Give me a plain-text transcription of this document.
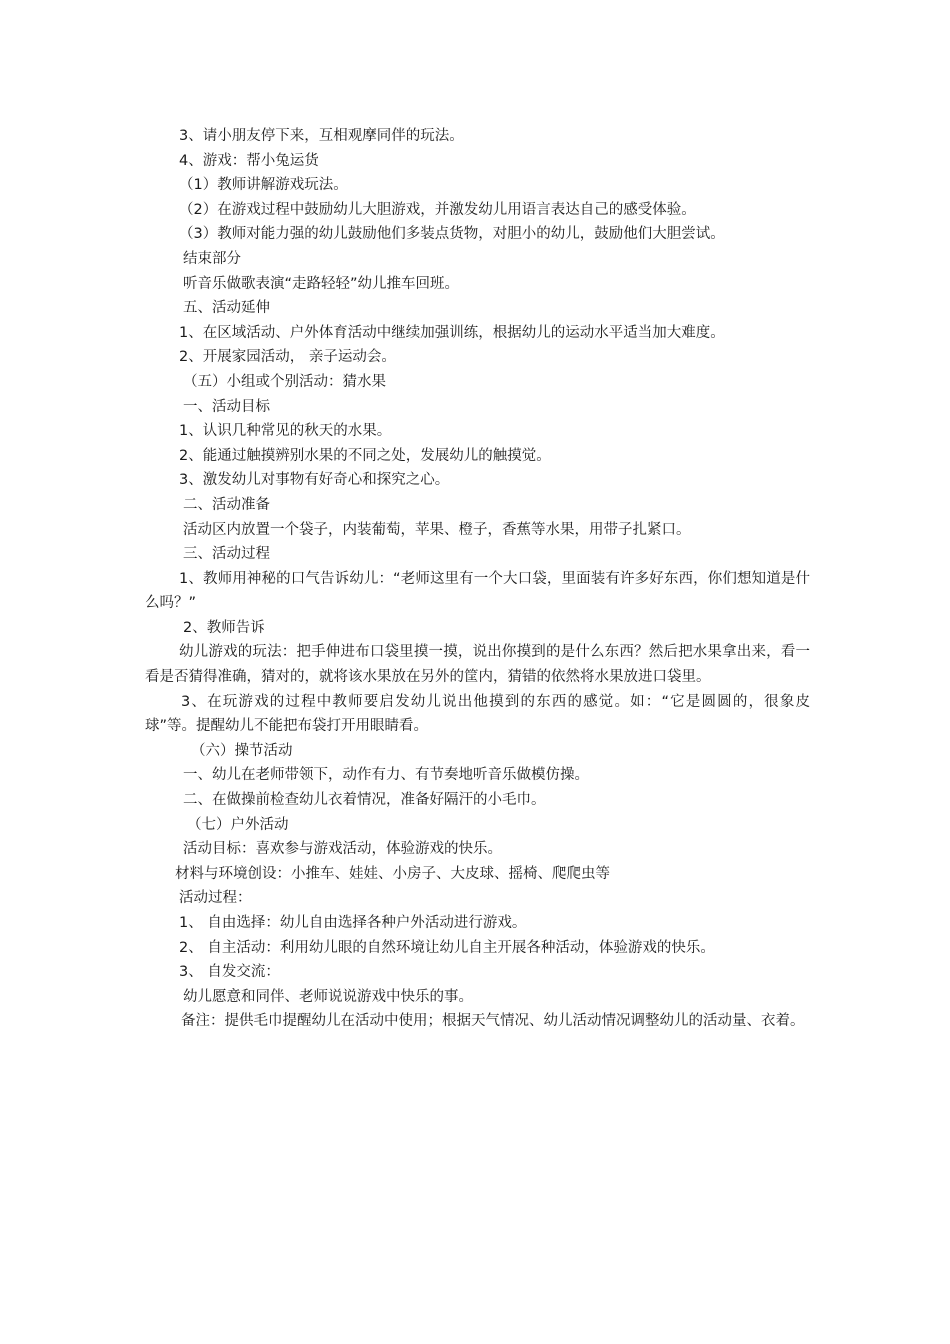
3、请小朋友停下来，互相观摩同伴的玩法。
4、游戏：帮小兔运货
（1）教师讲解游戏玩法。
（2）在游戏过程中鼓励幼儿大胆游戏，并激发幼儿用语言表达自己的感受体验。
（3）教师对能力强的幼儿鼓励他们多装点货物，对胆小的幼儿，鼓励他们大胆尝试。
结束部分
听音乐做歌表演“走路轻轻”幼儿推车回班。
五、活动延伸
1、在区域活动、户外体育活动中继续加强训练，根据幼儿的运动水平适当加大难度。
2、开展家园活动， 亲子运动会。
（五）小组或个别活动：猜水果
一、活动目标
1、认识几种常见的秋天的水果。
2、能通过触摸辨别水果的不同之处，发展幼儿的触摸觉。
3、激发幼儿对事物有好奇心和探究之心。
二、活动准备
活动区内放置一个袋子，内装葡萄，苹果、橙子，香蕉等水果，用带子扎紧口。
三、活动过程
1、教师用神秘的口气告诉幼儿：“老师这里有一个大口袋，里面装有许多好东西，你们想知道是什么吗？”
2、教师告诉
幼儿游戏的玩法：把手伸进布口袋里摸一摸，说出你摸到的是什么东西？然后把水果拿出来，看一看是否猜得准确，猜对的，就将该水果放在另外的筐内，猜错的依然将水果放进口袋里。
3、在玩游戏的过程中教师要启发幼儿说出他摸到的东西的感觉。如：“它是圆圆的，很象皮球”等。提醒幼儿不能把布袋打开用眼睛看。
（六）操节活动
一、幼儿在老师带领下，动作有力、有节奏地听音乐做模仿操。
二、在做操前检查幼儿衣着情况，准备好隔汗的小毛巾。
（七）户外活动
活动目标：喜欢参与游戏活动，体验游戏的快乐。
材料与环境创设：小推车、娃娃、小房子、大皮球、摇椅、爬爬虫等
活动过程：
1、 自由选择：幼儿自由选择各种户外活动进行游戏。
2、 自主活动：利用幼儿眼的自然环境让幼儿自主开展各种活动，体验游戏的快乐。
3、 自发交流：
幼儿愿意和同伴、老师说说游戏中快乐的事。
备注：提供毛巾提醒幼儿在活动中使用；根据天气情况、幼儿活动情况调整幼儿的活动量、衣着。
